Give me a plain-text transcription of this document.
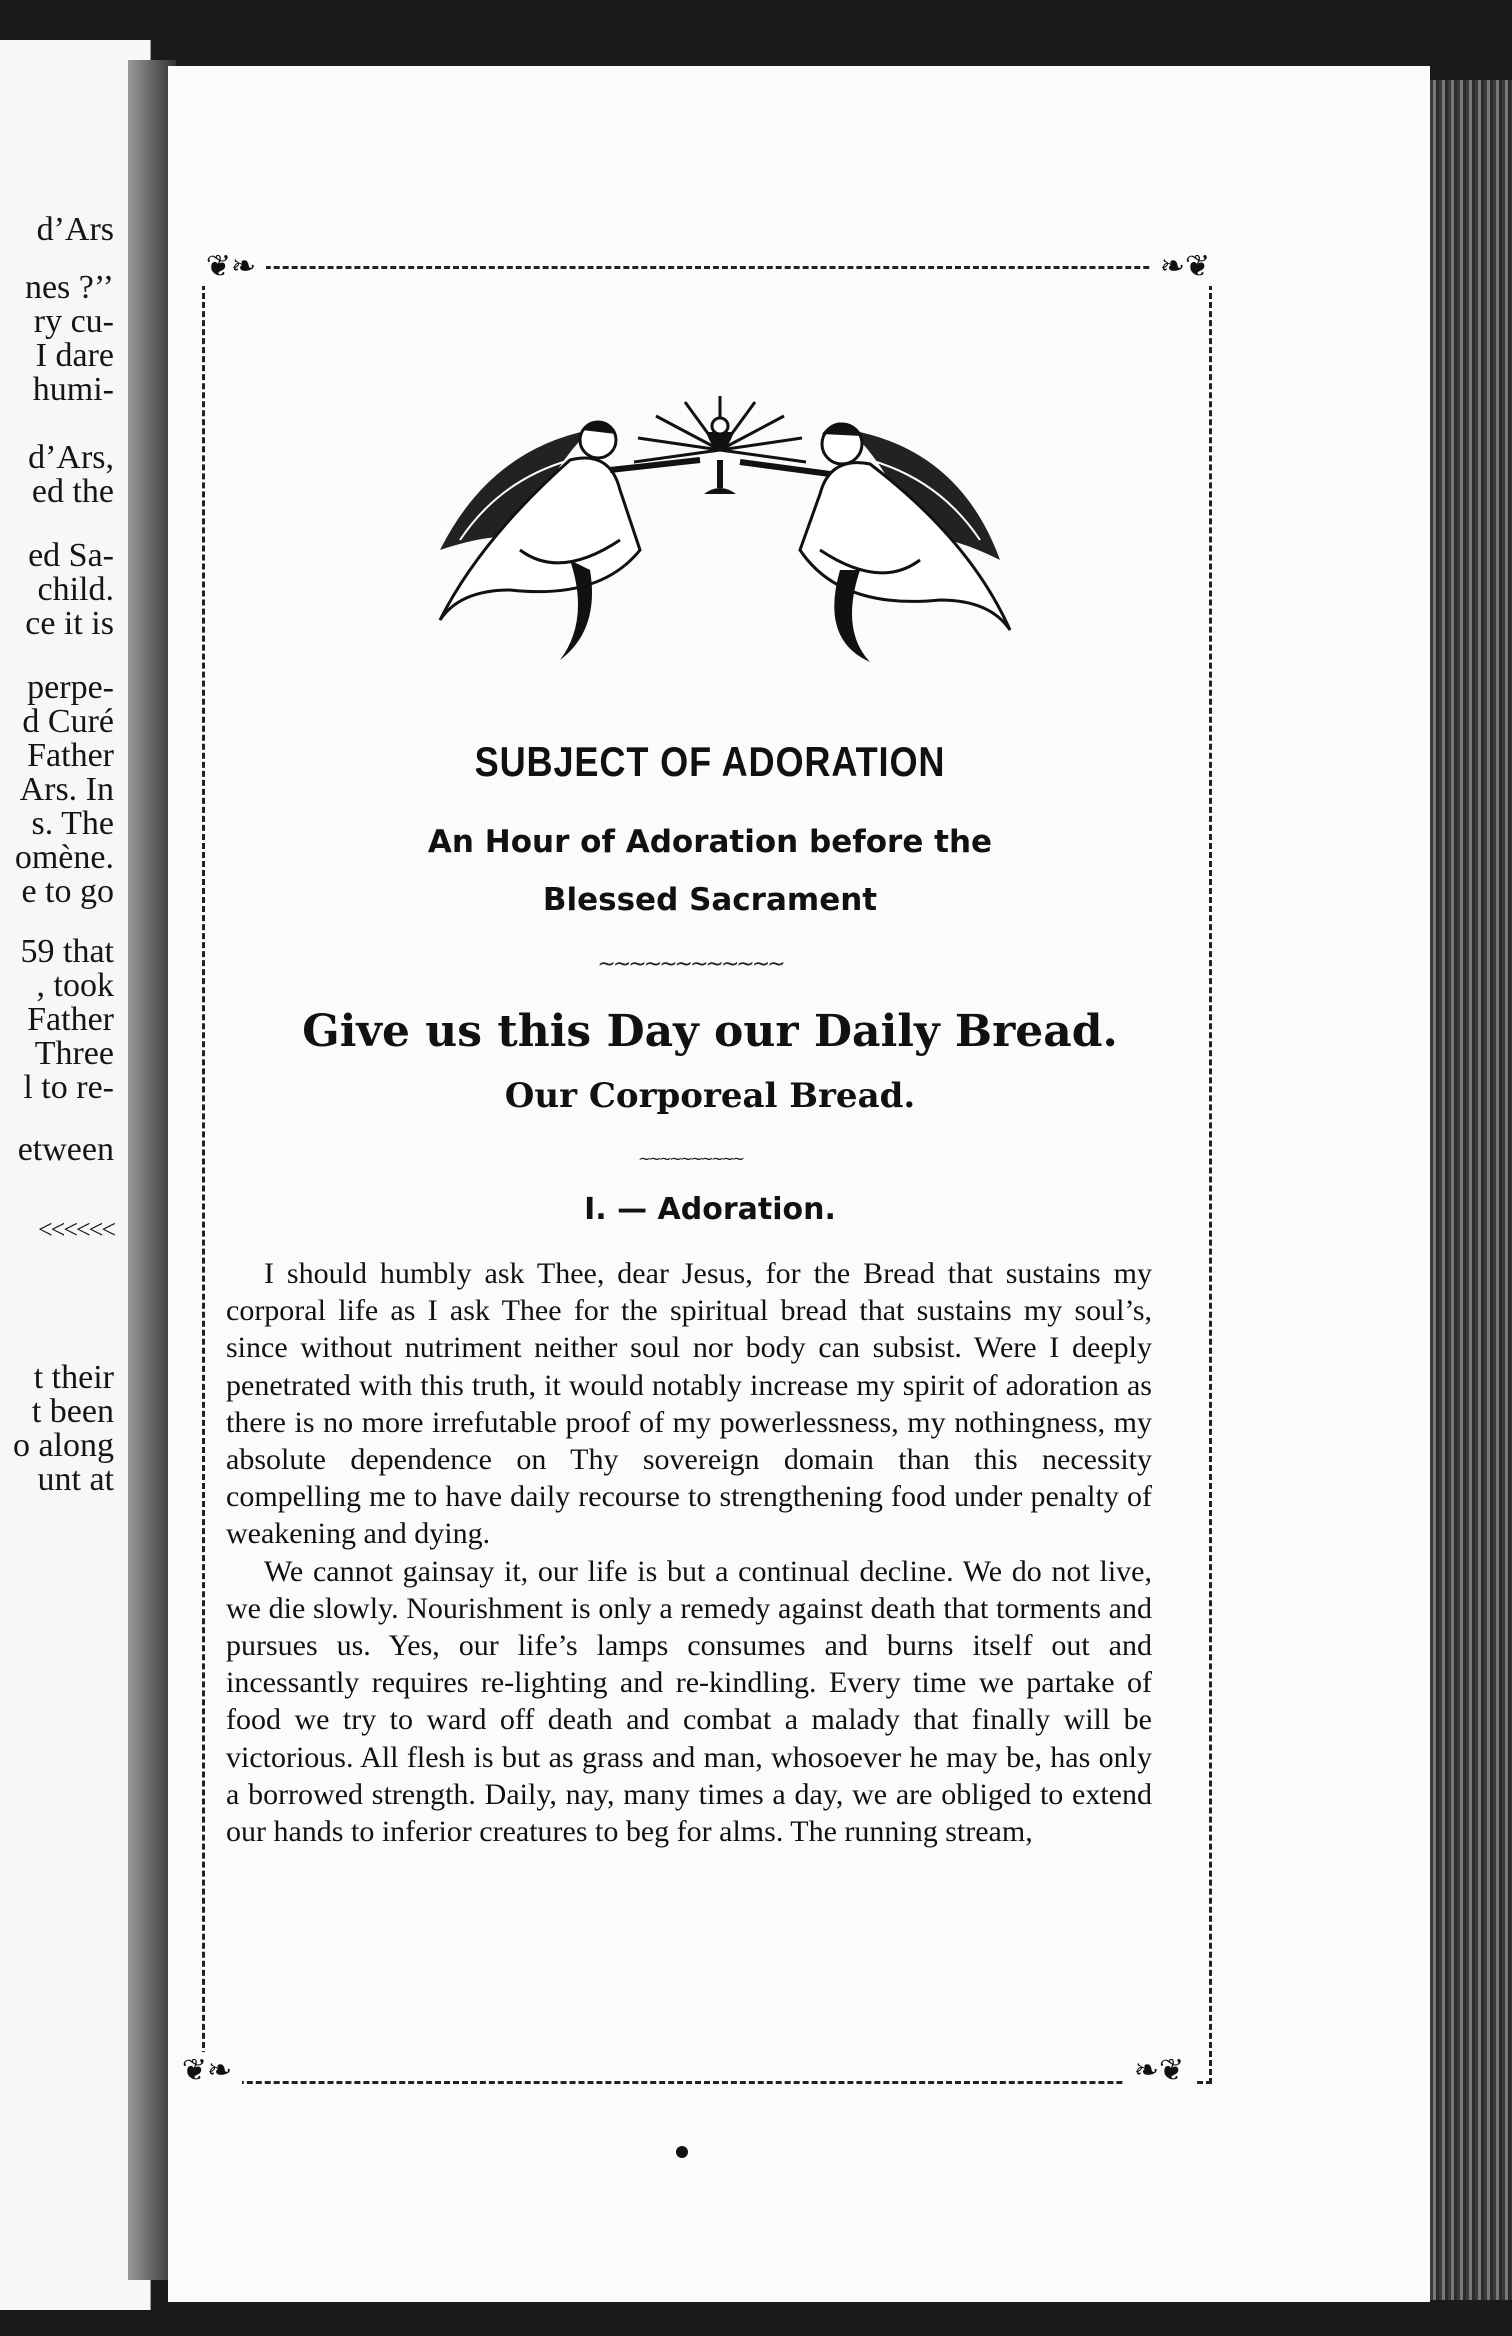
d’Ars
nes ?’’
ry cu-
I dare
humi-
d’Ars,
ed the
ed Sa-
child.
ce it is
perpe-
d Curé
Father
Ars. In
s. The
omène.
e to go
59 that
, took
Father
Three
l to re-
etween
<<<<<<
t their
t been
o along
unt at
❦❧	❧❦
❦❧	❧❦
SUBJECT OF ADORATION
An Hour of Adoration before the
Blessed Sacrament
~~~~~~~~~~~~
Give us this Day our Daily Bread.
Our Corporeal Bread.
~~~~~~~~~~
I. — Adoration.

I should humbly ask Thee, dear Jesus, for the Bread that sustains my corporal life as I ask Thee for the spiritual bread that sustains my soul’s, since without nutriment neither soul nor body can subsist. Were I deeply penetrated with this truth, it would notably increase my spirit of adoration as there is no more irrefutable proof of my powerlessness, my nothingness, my absolute dependence on Thy sovereign domain than this necessity compelling me to have daily recourse to strengthening food under penalty of weakening and dying.

We cannot gainsay it, our life is but a continual decline. We do not live, we die slowly. Nourishment is only a remedy against death that torments and pursues us. Yes, our life’s lamps consumes and burns itself out and incessantly requires re-lighting and re-kindling. Every time we partake of food we try to ward off death and combat a malady that finally will be victorious. All flesh is but as grass and man, whosoever he may be, has only a borrowed strength. Daily, nay, many times a day, we are obliged to extend our hands to inferior creatures to beg for alms. The running stream,
